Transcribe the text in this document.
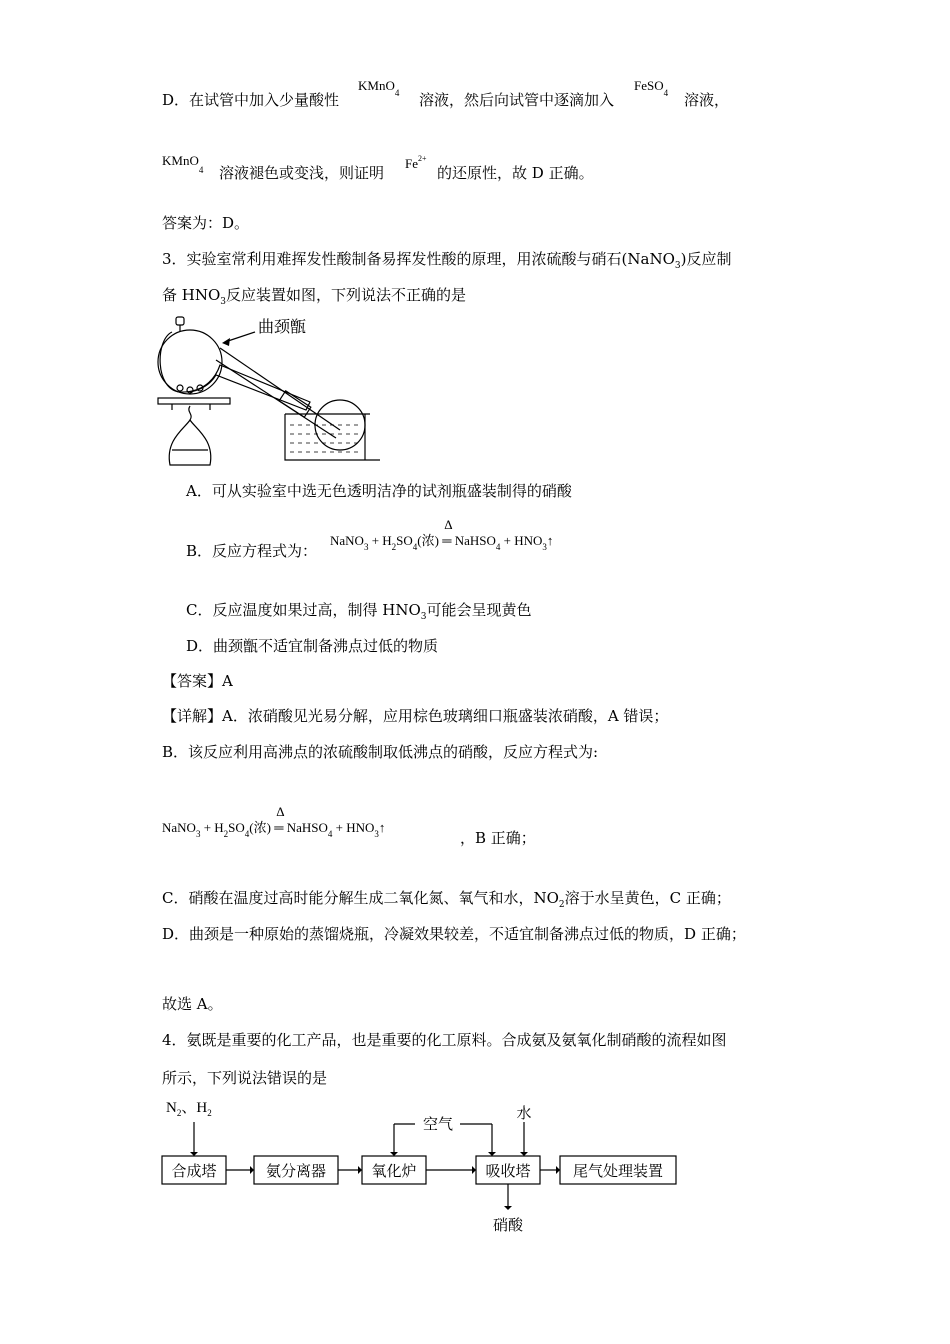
D．在试管中加入少量酸性
KMnO$_4$ 溶液，然后向试管中逐滴加入
FeSO$_4$ 溶液，
KMnO$_4$ 溶液褪色或变浅，则证明
$Fe^{2+}$
的还原性，故 D 正确。
答案为：D。
3．实验室常利用难挥发性酸制备易挥发性酸的原理，用浓硫酸与硝石(NaNO$_3$)反应制
备 $HNO_3$反应装置如图，下列说法不正确的是
曲颈甑
A．可从实验室中选无色透明洁净的试剂瓶盛装制得的硝酸
B．反应方程式为：
NaNO$_3$ + $H_2SO_4$(浓)
Δ
═ NaHSO$_4$ + $HNO_3↑$
C．反应温度如果过高，制得 $HNO_3$可能会呈现黄色
D．曲颈甑不适宜制备沸点过低的物质
【答案】A
【详解】A．浓硝酸见光易分解，应用棕色玻璃细口瓶盛装浓硝酸，A 错误；
B．该反应利用高沸点的浓硫酸制取低沸点的硝酸，反应方程式为:
NaNO$_3$ + $H_2SO_4$(浓)
Δ
═ NaHSO$_4$ + $HNO_3↑$
，B 正确；
C．硝酸在温度过高时能分解生成二氧化氮、氧气和水，$NO_2$溶于水呈黄色，C 正确；
D．曲颈是一种原始的蒸馏烧瓶，冷凝效果较差，不适宜制备沸点过低的物质，D 正确；
故选 A。
4．氨既是重要的化工产品，也是重要的化工原料。合成氨及氨氧化制硝酸的流程如图
所示，下列说法错误的是
$N_2$、$H_2$
合成塔	氨分离器	氧化炉	吸收塔	尾气处理装置
空气
水
硝酸
